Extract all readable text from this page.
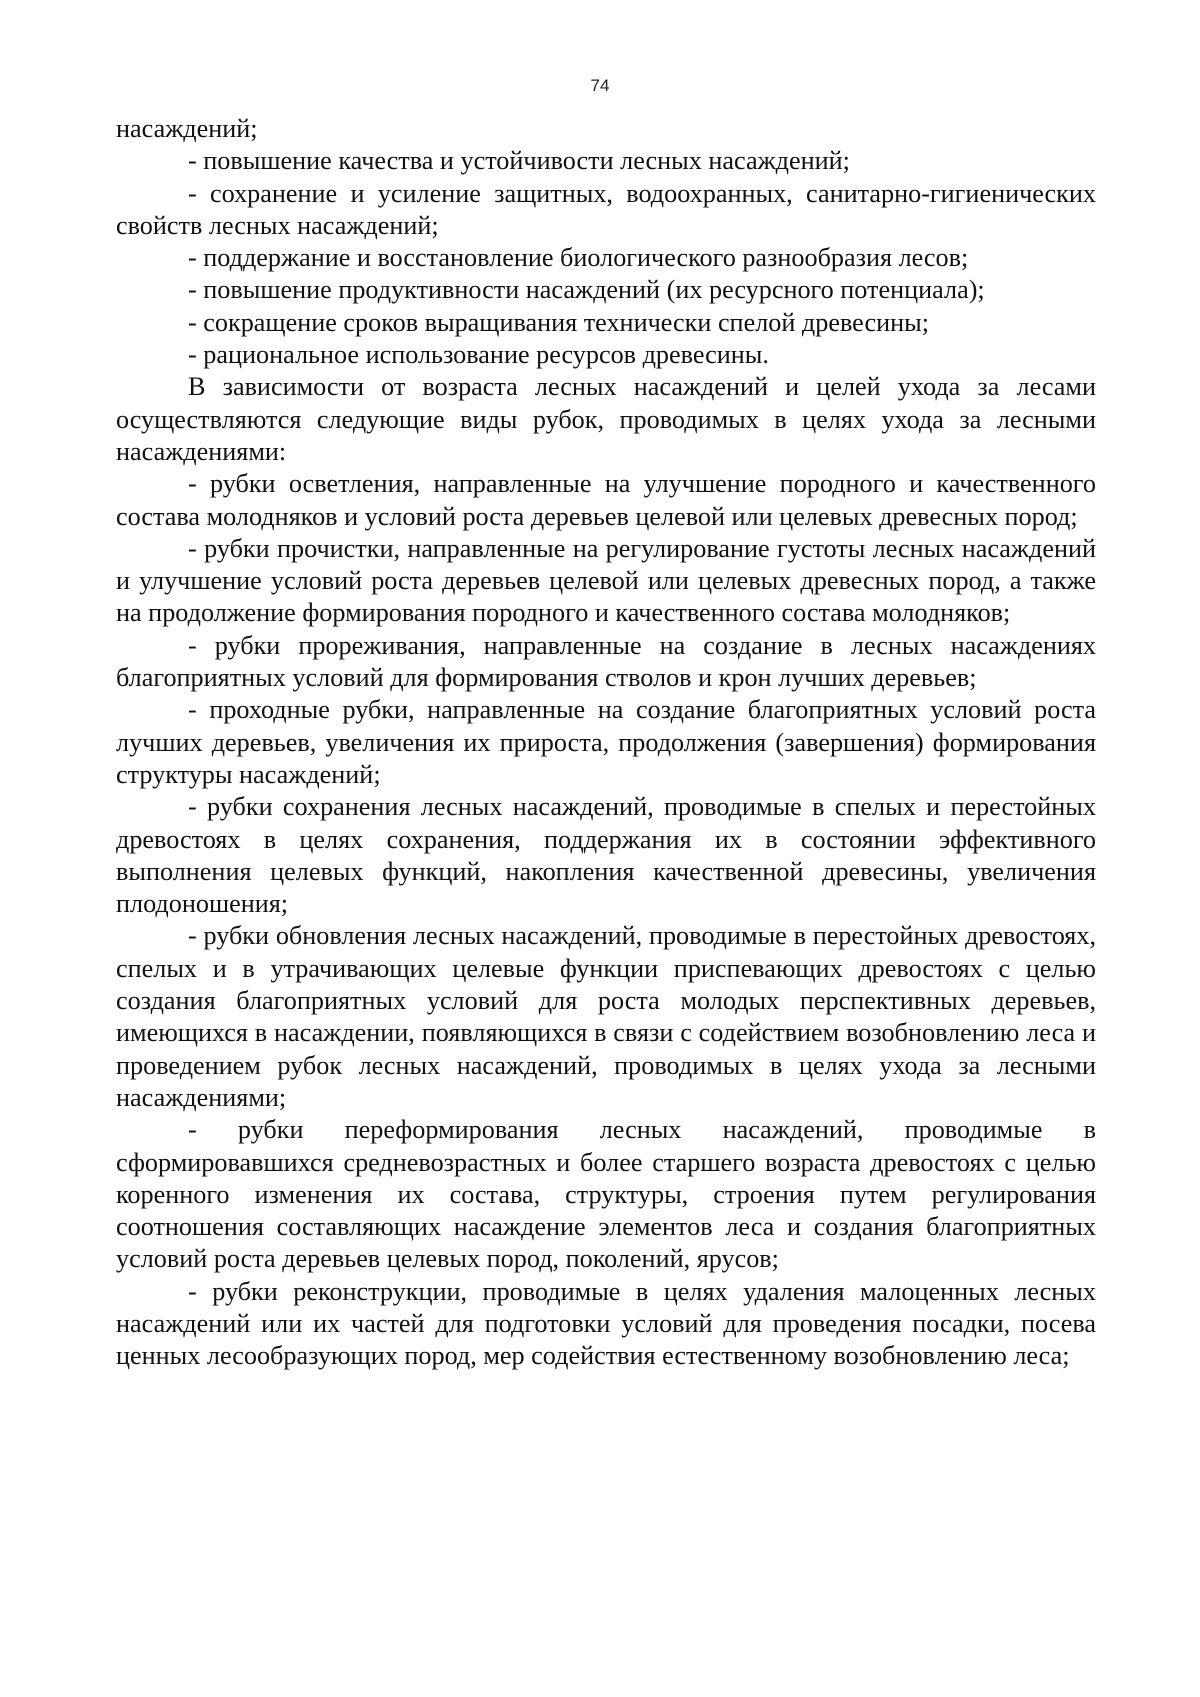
74

насаждений;

- повышение качества и устойчивости лесных насаждений;

- сохранение и усиление защитных, водоохранных, санитарно-гигиенических свойств лесных насаждений;

- поддержание и восстановление биологического разнообразия лесов;

- повышение продуктивности насаждений (их ресурсного потенциала);

- сокращение сроков выращивания технически спелой древесины;

- рациональное использование ресурсов древесины.

В зависимости от возраста лесных насаждений и целей ухода за лесами осуществляются следующие виды рубок, проводимых в целях ухода за лесными насаждениями:

- рубки осветления, направленные на улучшение породного и качественного состава молодняков и условий роста деревьев целевой или целевых древесных пород;

- рубки прочистки, направленные на регулирование густоты лесных насаждений и улучшение условий роста деревьев целевой или целевых древесных пород, а также на продолжение формирования породного и качественного состава молодняков;

- рубки прореживания, направленные на создание в лесных насаждениях благоприятных условий для формирования стволов и крон лучших деревьев;

- проходные рубки, направленные на создание благоприятных условий роста лучших деревьев, увеличения их прироста, продолжения (завершения) формирования структуры насаждений;

- рубки сохранения лесных насаждений, проводимые в спелых и перестойных древостоях в целях сохранения, поддержания их в состоянии эффективного выполнения целевых функций, накопления качественной древесины, увеличения плодоношения;

- рубки обновления лесных насаждений, проводимые в перестойных древостоях, спелых и в утрачивающих целевые функции приспевающих древостоях с целью создания благоприятных условий для роста молодых перспективных деревьев, имеющихся в насаждении, появляющихся в связи с содействием возобновлению леса и проведением рубок лесных насаждений, проводимых в целях ухода за лесными насаждениями;

- рубки переформирования лесных насаждений, проводимые в сформировавшихся средневозрастных и более старшего возраста древостоях с целью коренного изменения их состава, структуры, строения путем регулирования соотношения составляющих насаждение элементов леса и создания благоприятных условий роста деревьев целевых пород, поколений, ярусов;

- рубки реконструкции, проводимые в целях удаления малоценных лесных насаждений или их частей для подготовки условий для проведения посадки, посева ценных лесообразующих пород, мер содействия естественному возобновлению леса;
